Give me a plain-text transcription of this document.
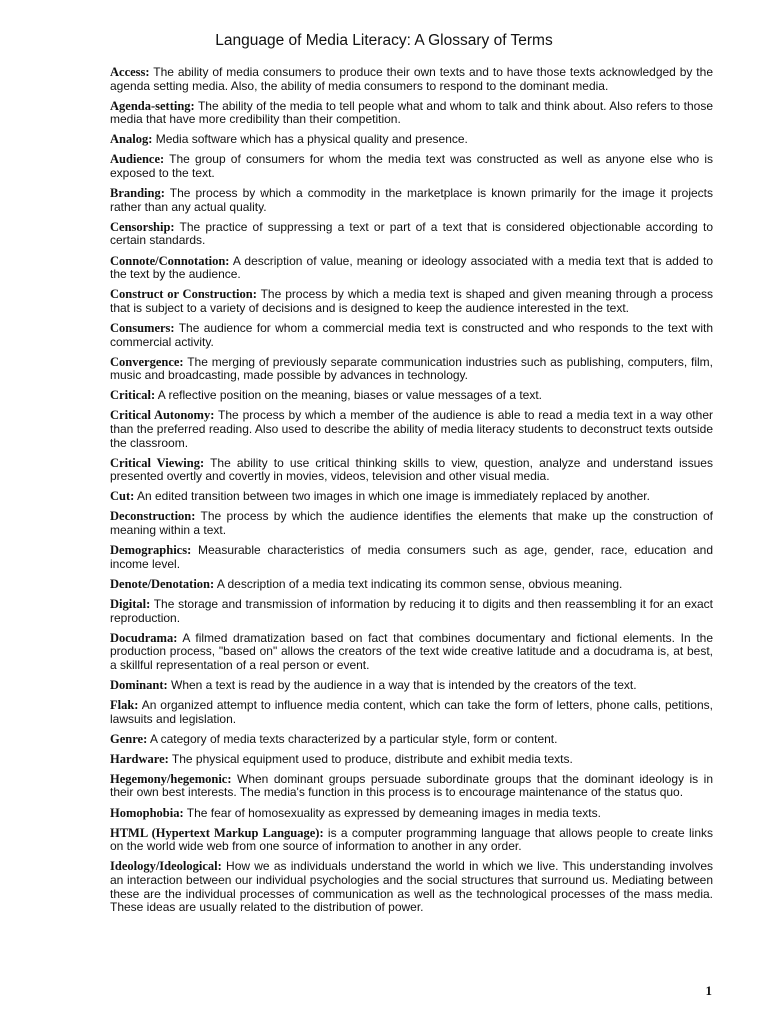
Language of Media Literacy: A Glossary of Terms

Access: The ability of media consumers to produce their own texts and to have those texts acknowledged by the agenda setting media. Also, the ability of media consumers to respond to the dominant media.

Agenda-setting: The ability of the media to tell people what and whom to talk and think about. Also refers to those media that have more credibility than their competition.

Analog: Media software which has a physical quality and presence.

Audience: The group of consumers for whom the media text was constructed as well as anyone else who is exposed to the text.

Branding: The process by which a commodity in the marketplace is known primarily for the image it projects rather than any actual quality.

Censorship: The practice of suppressing a text or part of a text that is considered objectionable according to certain standards.

Connote/Connotation: A description of value, meaning or ideology associated with a media text that is added to the text by the audience.

Construct or Construction: The process by which a media text is shaped and given meaning through a process that is subject to a variety of decisions and is designed to keep the audience interested in the text.

Consumers: The audience for whom a commercial media text is constructed and who responds to the text with commercial activity.

Convergence: The merging of previously separate communication industries such as publishing, computers, film, music and broadcasting, made possible by advances in technology.

Critical: A reflective position on the meaning, biases or value messages of a text.

Critical Autonomy: The process by which a member of the audience is able to read a media text in a way other than the preferred reading. Also used to describe the ability of media literacy students to deconstruct texts outside the classroom.

Critical Viewing: The ability to use critical thinking skills to view, question, analyze and understand issues presented overtly and covertly in movies, videos, television and other visual media.

Cut: An edited transition between two images in which one image is immediately replaced by another.

Deconstruction: The process by which the audience identifies the elements that make up the construction of meaning within a text.

Demographics: Measurable characteristics of media consumers such as age, gender, race, education and income level.

Denote/Denotation: A description of a media text indicating its common sense, obvious meaning.

Digital: The storage and transmission of information by reducing it to digits and then reassembling it for an exact reproduction.

Docudrama: A filmed dramatization based on fact that combines documentary and fictional elements. In the production process, "based on" allows the creators of the text wide creative latitude and a docudrama is, at best, a skillful representation of a real person or event.

Dominant: When a text is read by the audience in a way that is intended by the creators of the text.

Flak: An organized attempt to influence media content, which can take the form of letters, phone calls, petitions, lawsuits and legislation.

Genre: A category of media texts characterized by a particular style, form or content.

Hardware: The physical equipment used to produce, distribute and exhibit media texts.

Hegemony/hegemonic: When dominant groups persuade subordinate groups that the dominant ideology is in their own best interests. The media's function in this process is to encourage maintenance of the status quo.

Homophobia: The fear of homosexuality as expressed by demeaning images in media texts.

HTML (Hypertext Markup Language): is a computer programming language that allows people to create links on the world wide web from one source of information to another in any order.

Ideology/Ideological: How we as individuals understand the world in which we live. This understanding involves an interaction between our individual psychologies and the social structures that surround us. Mediating between these are the individual processes of communication as well as the technological processes of the mass media. These ideas are usually related to the distribution of power.

1
